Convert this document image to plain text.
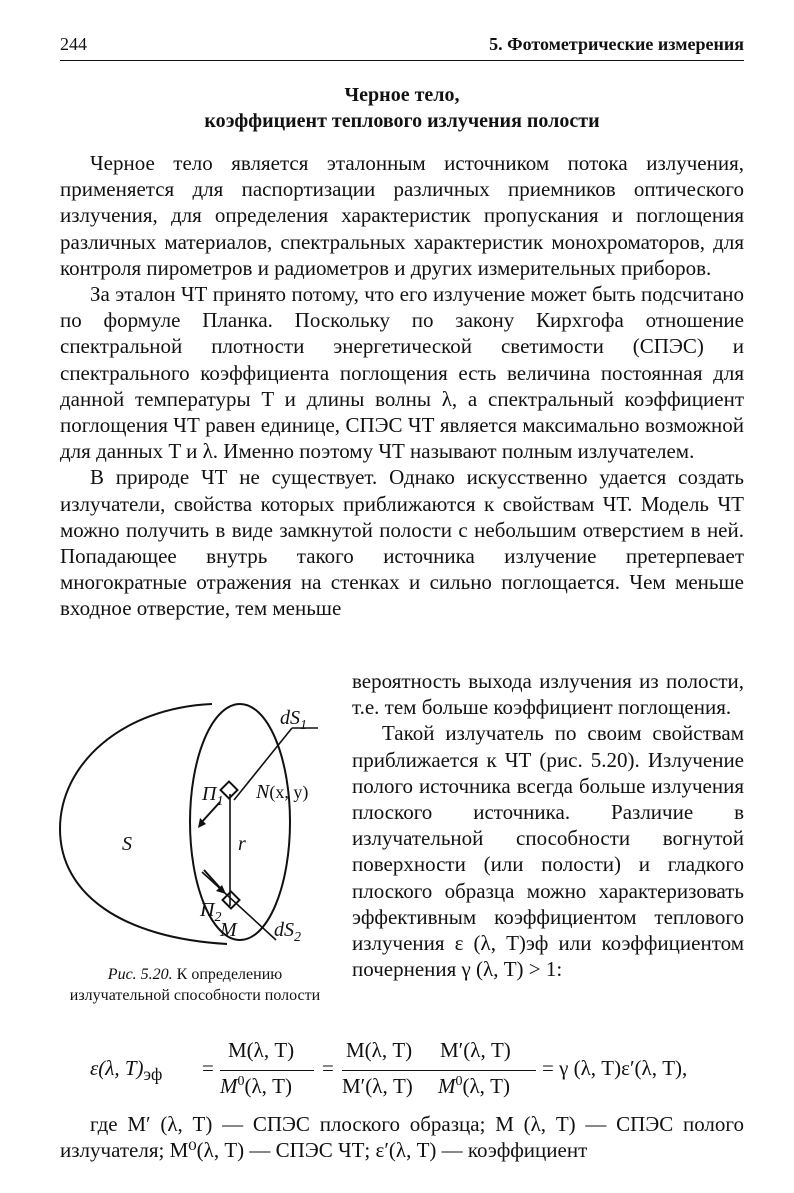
244	5. Фотометрические измерения
Черное тело,
коэффициент теплового излучения полости

Черное тело является эталонным источником потока излучения, применяется для паспортизации различных приемников оптического излучения, для определения характеристик пропускания и поглощения различных материалов, спектральных характеристик монохроматоров, для контроля пирометров и радиометров и других измерительных приборов.

За эталон ЧТ принято потому, что его излучение может быть подсчитано по формуле Планка. Поскольку по закону Кирхгофа отношение спектральной плотности энергетической светимости (СПЭС) и спектрального коэффициента поглощения есть величина постоянная для данной температуры T и длины волны λ, а спектральный коэффициент поглощения ЧТ равен единице, СПЭС ЧТ является максимально возможной для данных T и λ. Именно поэтому ЧТ называют полным излучателем.

В природе ЧТ не существует. Однако искусственно удается создать излучатели, свойства которых приближаются к свойствам ЧТ. Модель ЧТ можно получить в виде замкнутой полости с небольшим отверстием в ней. Попадающее внутрь такого источника излучение претерпевает многократные отражения на стенках и сильно поглощается. Чем меньше входное отверстие, тем меньше

$dS_1$
$П_1$ N(x, y)
S	r
$П_2$
M $dS_2$
Рис. 5.20. К определению излучательной способности полости

вероятность выхода излучения из полости, т.е. тем больше коэффициент поглощения.

Такой излучатель по своим свойствам приближается к ЧТ (рис. 5.20). Излучение полого источника всегда больше излучения плоского источника. Различие в излучательной способности вогнутой поверхности (или полости) и гладкого плоского образца можно характеризовать эффективным коэффициентом теплового излучения ε (λ, T)эф или коэффициентом почернения γ (λ, T) > 1:

ε(λ, $T)_{эф}$ =
M(λ, T)
$M^0(\lambda$, T)
=
M(λ, T)
M′(λ, T)
M′(λ, T)
$M^0(\lambda$, T)
= γ (λ, T)ε′(λ, T),

где M′ (λ, T) — СПЭС плоского образца; M (λ, T) — СПЭС полого излучателя; M⁰(λ, T) — СПЭС ЧТ; ε′(λ, T) — коэффициент
